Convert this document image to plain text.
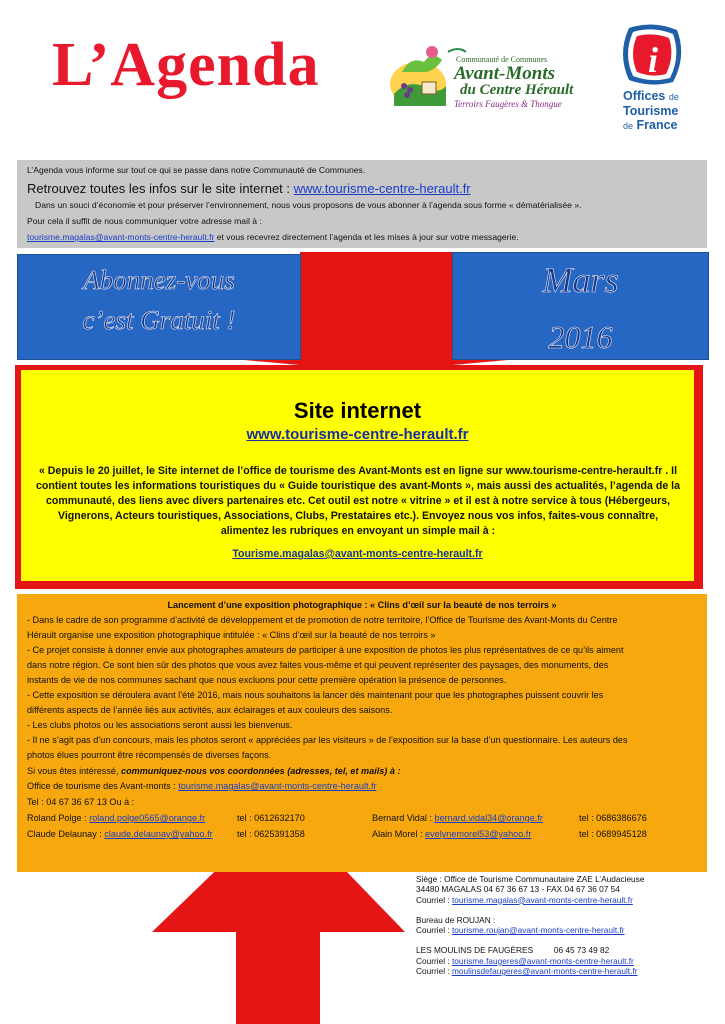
L’Agenda	Communauté de Communes
Avant-Monts
du Centre Hérault
Terroirs Faugères & Thongue
i
Offices de
Tourisme
de France

L’Agenda vous informe sur tout ce qui se passe dans notre Communauté de Communes.

Retrouvez toutes les infos sur le site internet : www.tourisme-centre-herault.fr

Dans un souci d’économie et pour préserver l’environnement, nous vous proposons de vous abonner à l’agenda sous forme « dématérialisée ».

Pour cela il suffit de nous communiquer votre adresse mail à :

tourisme.magalas@avant-monts-centre-herault.fr et vous recevrez directement l’agenda et les mises à jour sur votre messagerie.

Abonnez-vous
c’est Gratuit !
Mars
2016
Site internet
www.tourisme-centre-herault.fr
« Depuis le 20 juillet, le Site internet de l’office de tourisme des Avant-Monts est en ligne sur www.tourisme-centre-herault.fr . Il contient toutes les informations touristiques du « Guide touristique des avant-Monts », mais aussi des actualités, l’agenda de la communauté, des liens avec divers partenaires etc. Cet outil est notre « vitrine » et il est à notre service à tous (Hébergeurs, Vignerons, Acteurs touristiques, Associations, Clubs, Prestataires etc.). Envoyez nous vos infos, faites-vous connaître, alimentez les rubriques en envoyant un simple mail à :
Tourisme.magalas@avant-monts-centre-herault.fr
Lancement d’une exposition photographique : « Clins d’œil sur la beauté de nos terroirs »
- Dans le cadre de son programme d’activité de développement et de promotion de notre territoire, l’Office de Tourisme des Avant-Monts du Centre
Hérault organise une exposition photographique intitulée : « Clins d’œil sur la beauté de nos terroirs »
- Ce projet consiste à donner envie aux photographes amateurs de participer à une exposition de photos les plus représentatives de ce qu’ils aiment
dans notre région. Ce sont bien sûr des photos que vous avez faites vous-même et qui peuvent représenter des paysages, des monuments, des
instants de vie de nos communes sachant que nous excluons pour cette première opération la présence de personnes.
- Cette exposition se déroulera avant l’été 2016, mais nous souhaitons la lancer dès maintenant pour que les photographes puissent couvrir les
différents aspects de l’année liés aux activités, aux éclairages et aux couleurs des saisons.
- Les clubs photos ou les associations seront aussi les bienvenus.
- Il ne s’agit pas d’un concours, mais les photos seront « appréciées par les visiteurs » de l’exposition sur la base d’un questionnaire. Les auteurs des
photos élues pourront être récompensés de diverses façons.
Si vous êtes intéressé, communiquez-nous vos coordonnées (adresses, tel, et mails) à :
Office de tourisme des Avant-monts : tourisme.magalas@avant-monts-centre-herault.fr
Tel : 04 67 36 67 13 Ou à :
Roland Polge : roland.polge0565@orange.fr	tel : 0612632170	Bernard Vidal : bernard.vidal34@orange.fr	tel : 0686386676
Claude Delaunay : claude.delaunay@yahoo.fr	tel : 0625391358	Alain Morel : evelynemorel53@yahoo.fr	tel : 0689945128
Siège : Office de Tourisme Communautaire ZAE L’Audacieuse
34480 MAGALAS 04 67 36 67 13 - FAX 04 67 36 07 54
Courriel : tourisme.magalas@avant-monts-centre-herault.fr
Bureau de ROUJAN :
Courriel : tourisme.roujan@avant-monts-centre-herault.fr
LES MOULINS DE FAUGÈRES         06 45 73 49 82
Courriel : tourisme.faugeres@avant-monts-centre-herault.fr
Courriel : moulinsdefaugeres@avant-monts-centre-herault.fr
